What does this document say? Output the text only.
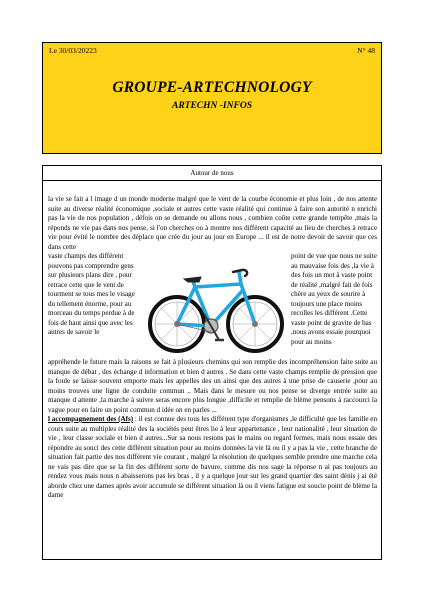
Le 30/03/20223	N° 48
GROUPE-ARTECHNOLOGY
ARTECHN -INFOS
Autour de nous

la vie se fait a l image d un monde moderne malgré que le vent de la courbe économie et plus loin , de nos attente suite au diverse réalité économique ,sociale et autres cette vaste réalité qui continue à faire son autorité n enrichi pas la vie de nos population , défois on se demande ou allons nous , combien coûte cette grande tempête ,mais la réponds ne vie pas dans nos pense, si l'on cherches ou à montre nos différent capacité au lieu de cherches à retrace vie pour évité le nombre des déplace que crée du jour au jour en Europe ... il est de notre devoir de savoir que ces dans cette

vaste champs des différent pouvons pas comprendre gens sur plusieurs plans dire , pour retrace cette que le vent de tourment se tous mes le visage du tellement énorme, pour au morceau du temps perdue à de fois de haut ainsi que avec les autres de savoir le
point de vue que nous ne suite au mauvaise fois des ,la vie à des fois un mot à vaste point de réalité ,malgré fait de fois chère au yeux de sourire à toujours une place moins recolles les différent .Cette vaste point de gravite de bas ,nous avons essaie pourquoi pour au moins

appréhende le future mais la raisons se fait à plusieurs chemins qui son remplie des incompréhension faite suite au manque de débat , des échange d information et bien d autres . Se dans cette vaste champs remplie de pression que la foule se laisse souvent emporte mais les appelles des un ainsi que des autres à une prise de causerie ,pour au moins trouves une ligne de conduite commun .. Mais dans le mesure ou nos pense se diverge entrée suite au manque d attente ,la marche à suivre seras encore plus longue ,difficile et remplie de blème pensons à raccourci la vague pour en faire un point commun d idée on en parles ...

l accompagnement des (Afs) : il est connue des tous les différent type d'organismes ,le difficulté que les famille en cours suite au multiples réalité des la sociétés peut êtres lie à leur appartenance , leur nationalité , leur situation de vie , leur classe sociale et bien d autres...Sur sa nous restons pas le mains ou regard fermes, mais nous essaie des répondre au souci des cette différent situation pour au moins données la vie là ou il y a pas la vie , cette branche de situation fait partie des nos différent vie courant , malgré la résolution de quelques semble prendre une marche cela ne vais pas dire que se la fin des différent sorte de bavure, comme dis nos sage la réponse n ai pas toujours au rendez vous mais nous n abaisserons pas les bras , il y a quelque jour sur les grand quartier des saint dénis j ai été aborde chez une dames après avoir accumule se différent situation là ou il viens fatigue est soucie point de blème la dame
